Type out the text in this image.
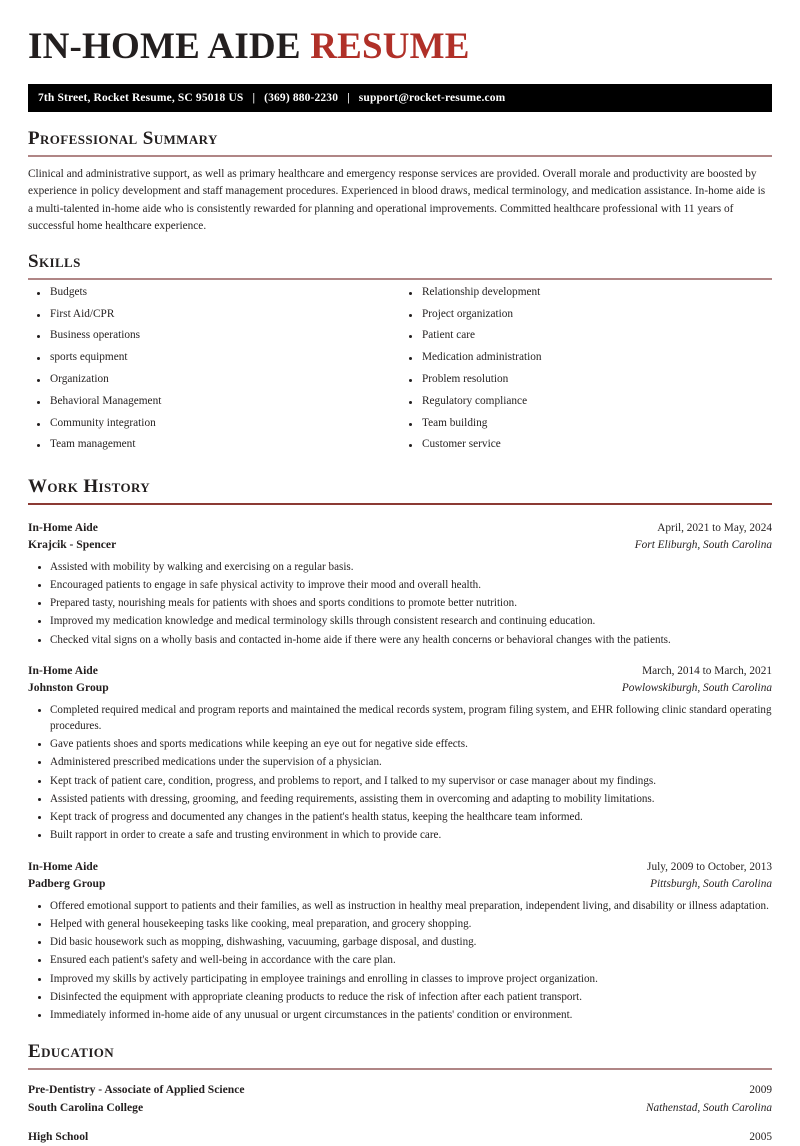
IN-HOME AIDE RESUME
7th Street, Rocket Resume, SC 95018 US | (369) 880-2230 | support@rocket-resume.com
Professional Summary

Clinical and administrative support, as well as primary healthcare and emergency response services are provided. Overall morale and productivity are boosted by experience in policy development and staff management procedures. Experienced in blood draws, medical terminology, and medication assistance. In-home aide is a multi-talented in-home aide who is consistently rewarded for planning and operational improvements. Committed healthcare professional with 11 years of successful home healthcare experience.

Skills
Budgets
First Aid/CPR
Business operations
sports equipment
Organization
Behavioral Management
Community integration
Team management
Relationship development
Project organization
Patient care
Medication administration
Problem resolution
Regulatory compliance
Team building
Customer service
Work History
In-Home Aide	April, 2021 to May, 2024
Krajcik - Spencer	Fort Eliburgh, South Carolina
Assisted with mobility by walking and exercising on a regular basis.
Encouraged patients to engage in safe physical activity to improve their mood and overall health.
Prepared tasty, nourishing meals for patients with shoes and sports conditions to promote better nutrition.
Improved my medication knowledge and medical terminology skills through consistent research and continuing education.
Checked vital signs on a wholly basis and contacted in-home aide if there were any health concerns or behavioral changes with the patients.
In-Home Aide	March, 2014 to March, 2021
Johnston Group	Powlowskiburgh, South Carolina
Completed required medical and program reports and maintained the medical records system, program filing system, and EHR following clinic standard operating procedures.
Gave patients shoes and sports medications while keeping an eye out for negative side effects.
Administered prescribed medications under the supervision of a physician.
Kept track of patient care, condition, progress, and problems to report, and I talked to my supervisor or case manager about my findings.
Assisted patients with dressing, grooming, and feeding requirements, assisting them in overcoming and adapting to mobility limitations.
Kept track of progress and documented any changes in the patient's health status, keeping the healthcare team informed.
Built rapport in order to create a safe and trusting environment in which to provide care.
In-Home Aide	July, 2009 to October, 2013
Padberg Group	Pittsburgh, South Carolina
Offered emotional support to patients and their families, as well as instruction in healthy meal preparation, independent living, and disability or illness adaptation.
Helped with general housekeeping tasks like cooking, meal preparation, and grocery shopping.
Did basic housework such as mopping, dishwashing, vacuuming, garbage disposal, and dusting.
Ensured each patient's safety and well-being in accordance with the care plan.
Improved my skills by actively participating in employee trainings and enrolling in classes to improve project organization.
Disinfected the equipment with appropriate cleaning products to reduce the risk of infection after each patient transport.
Immediately informed in-home aide of any unusual or urgent circumstances in the patients' condition or environment.
Education
Pre-Dentistry - Associate of Applied Science	2009
South Carolina College	Nathenstad, South Carolina
High School	2005
